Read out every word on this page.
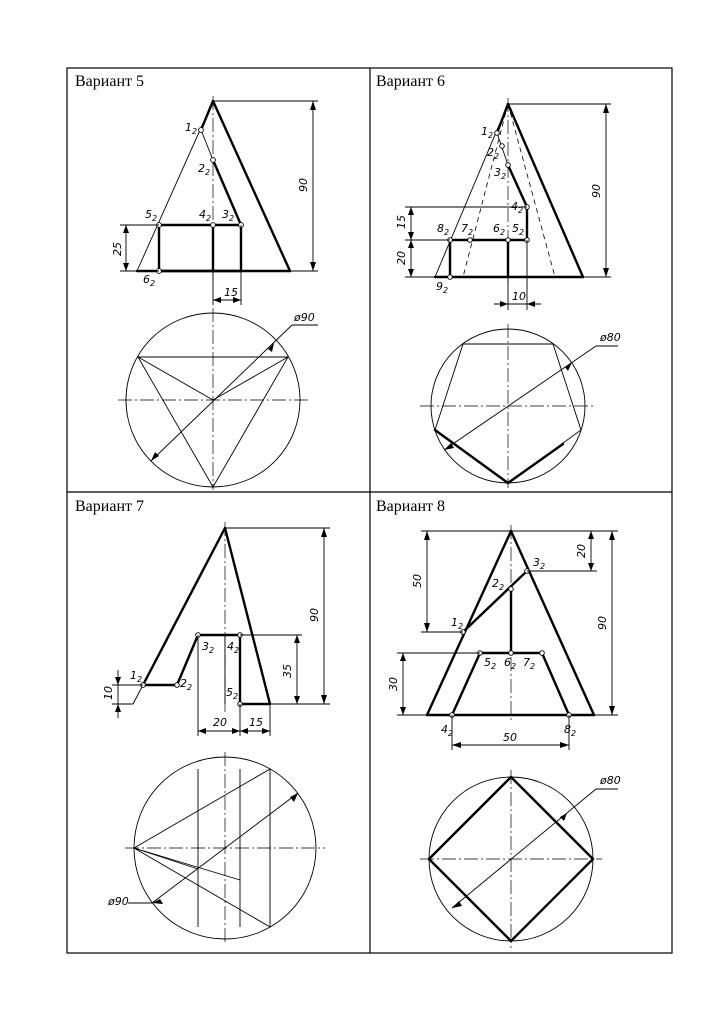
Вариант 5
$1_2$
$2_2$
$3_2$
$4_2$
$5_2$
$6_2$
90
25
15
ø90
Вариант 6
$1_2$
$2_2$
$3_2$
$4_2$
$5_2$
$6_2$
$7_2$
$8_2$
$9_2$
90
15
20
10
ø80
Вариант 7
$1_2$	$2_2$
$3_2$ $4_2$
$5_2$
90
35
10
20 15
ø90
Вариант 8
$1_2$
$2_2$
$3_2$
$4_2$
$5_2$ $6_2$ $7_2$
$8_2$
90
20
50
30
50
ø80
